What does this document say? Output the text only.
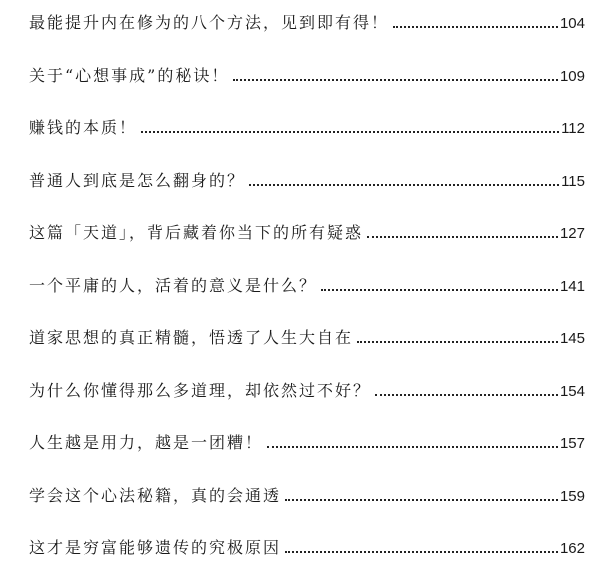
最能提升内在修为的八个方法，见到即有得！	104
关于“心想事成”的秘诀！	109
赚钱的本质！	112
普通人到底是怎么翻身的？	115
这篇「天道」，背后藏着你当下的所有疑惑	127
一个平庸的人，活着的意义是什么？	141
道家思想的真正精髓，悟透了人生大自在	145
为什么你懂得那么多道理，却依然过不好？	154
人生越是用力，越是一团糟！	157
学会这个心法秘籍，真的会通透	159
这才是穷富能够遗传的究极原因	162
